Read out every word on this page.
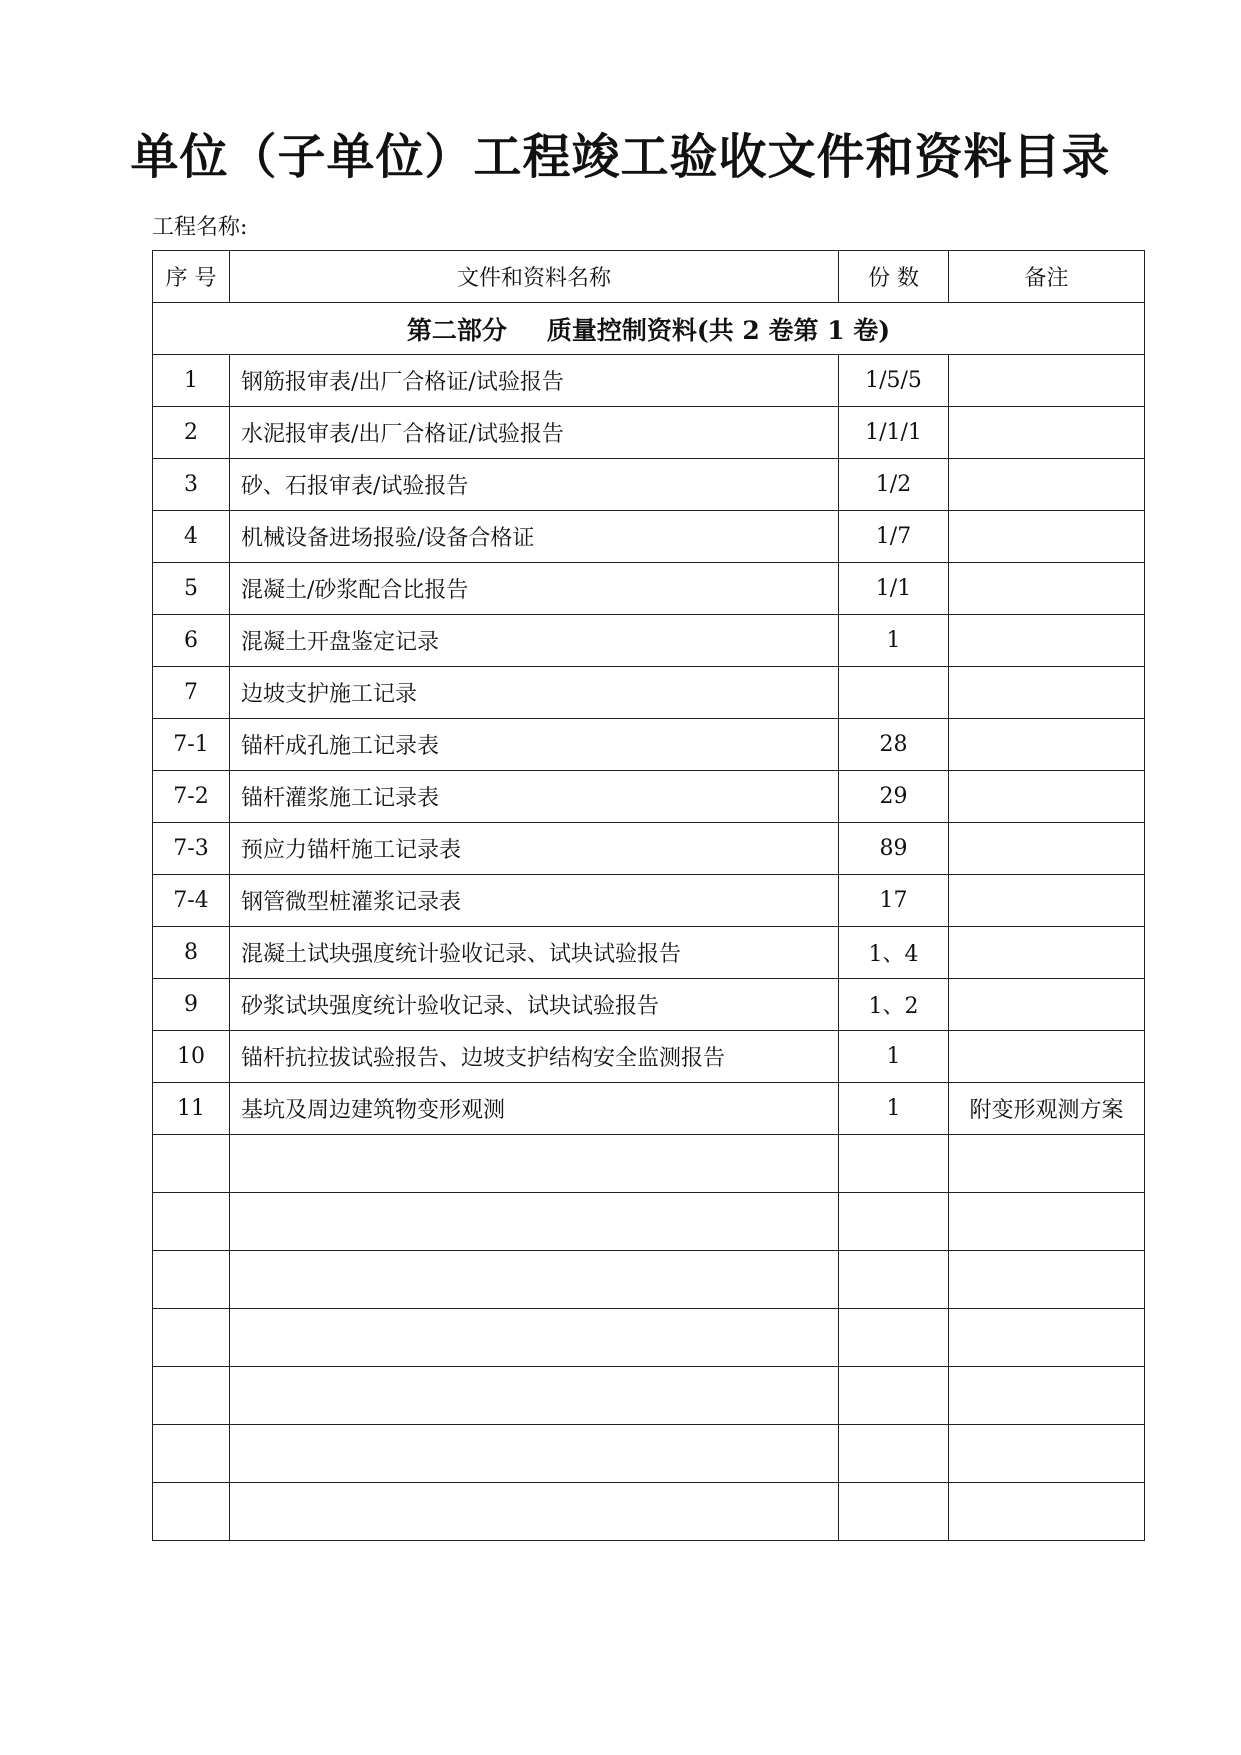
单位（子单位）工程竣工验收文件和资料目录
工程名称:
序 号	文件和资料名称	份 数	备注
第二部分 质量控制资料(共 2 卷第 1 卷)			
1	钢筋报审表/出厂合格证/试验报告	1/5/5	
2	水泥报审表/出厂合格证/试验报告	1/1/1	
3	砂、石报审表/试验报告	1/2	
4	机械设备进场报验/设备合格证	1/7	
5	混凝土/砂浆配合比报告	1/1	
6	混凝土开盘鉴定记录	1	
7	边坡支护施工记录		
7-1	锚杆成孔施工记录表	28	
7-2	锚杆灌浆施工记录表	29	
7-3	预应力锚杆施工记录表	89	
7-4	钢管微型桩灌浆记录表	17	
8	混凝土试块强度统计验收记录、试块试验报告	1、4	
9	砂浆试块强度统计验收记录、试块试验报告	1、2	
10	锚杆抗拉拔试验报告、边坡支护结构安全监测报告	1	
11	基坑及周边建筑物变形观测	1	附变形观测方案
